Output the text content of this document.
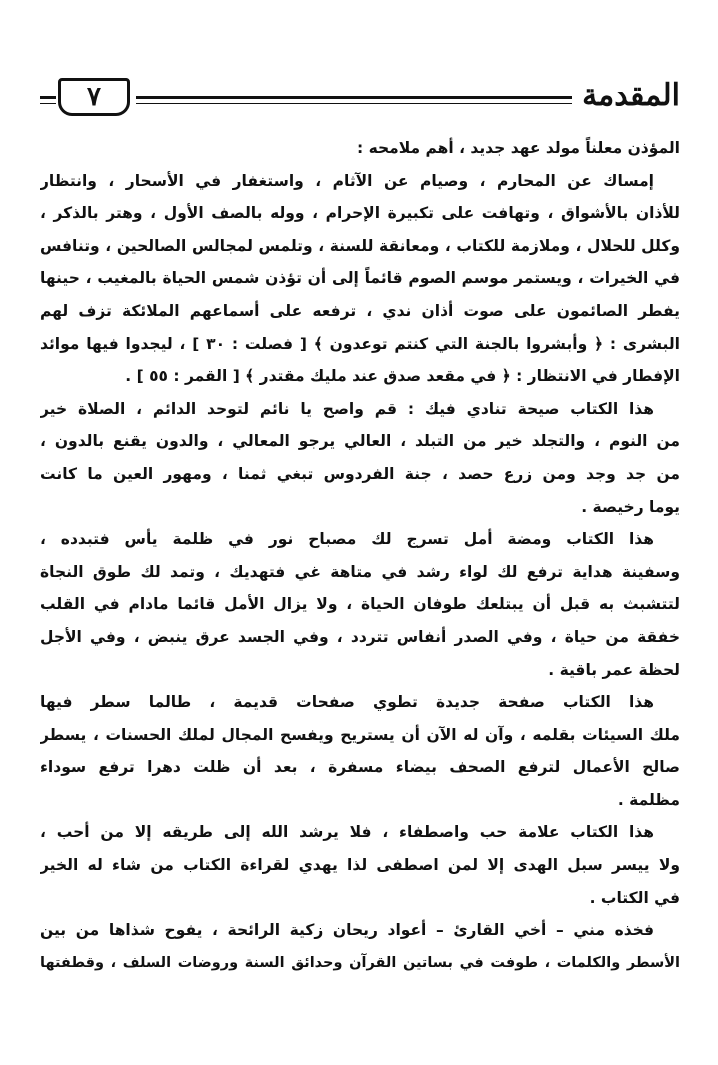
المقدمة
٧
المؤذن معلناً مولد عهد جديد ، أهم ملامحه :
إمساك عن المحارم ، وصيام عن الآثام ، واستغفار في الأسحار ، وانتظار
للأذان بالأشواق ، وتهافت على تكبيرة الإحرام ، ووله بالصف الأول ، وهتر بالذكر ،
وكلل للحلال ، وملازمة للكتاب ، ومعانقة للسنة ، وتلمس لمجالس الصالحين ، وتنافس
في الخيرات ، ويستمر موسم الصوم قائماً إلى أن تؤذن شمس الحياة بالمغيب ، حينها
يفطر الصائمون على صوت أذان ندي ، ترفعه على أسماعهم الملائكة تزف لهم
البشرى : ﴿ وأبشروا بالجنة التي كنتم توعدون ﴾ [ فصلت : ٣٠ ] ، ليجدوا فيها موائد
الإفطار في الانتظار : ﴿ في مقعد صدق عند مليك مقتدر ﴾ [ القمر : ٥٥ ] .
هذا الكتاب صيحة تنادي فيك : قم واصح يا نائم لتوحد الدائم ، الصلاة خير
من النوم ، والتجلد خير من التبلد ، العالي يرجو المعالي ، والدون يقنع بالدون ،
من جد وجد ومن زرع حصد ، جنة الفردوس تبغي ثمنا ، ومهور العين ما كانت
يوما رخيصة .
هذا الكتاب ومضة أمل تسرج لك مصباح نور في ظلمة يأس فتبدده ،
وسفينة هداية ترفع لك لواء رشد في متاهة غي فتهديك ، وتمد لك طوق النجاة
لتتشبث به قبل أن يبتلعك طوفان الحياة ، ولا يزال الأمل قائما مادام في القلب
خفقة من حياة ، وفي الصدر أنفاس تتردد ، وفي الجسد عرق ينبض ، وفي الأجل
لحظة عمر باقية .
هذا الكتاب صفحة جديدة تطوي صفحات قديمة ، طالما سطر فيها
ملك السيئات بقلمه ، وآن له الآن أن يستريح ويفسح المجال لملك الحسنات ، يسطر
صالح الأعمال لترفع الصحف بيضاء مسفرة ، بعد أن ظلت دهرا ترفع سوداء
مظلمة .
هذا الكتاب علامة حب واصطفاء ، فلا يرشد الله إلى طريقه إلا من أحب ،
ولا ييسر سبل الهدى إلا لمن اصطفى لذا يهدي لقراءة الكتاب من شاء له الخير
في الكتاب .
فخذه مني – أخي القارئ – أعواد ريحان زكية الرائحة ، يفوح شذاها من بين
الأسطر والكلمات ، طوفت في بساتين القرآن وحدائق السنة وروضات السلف ، وقطفتها
